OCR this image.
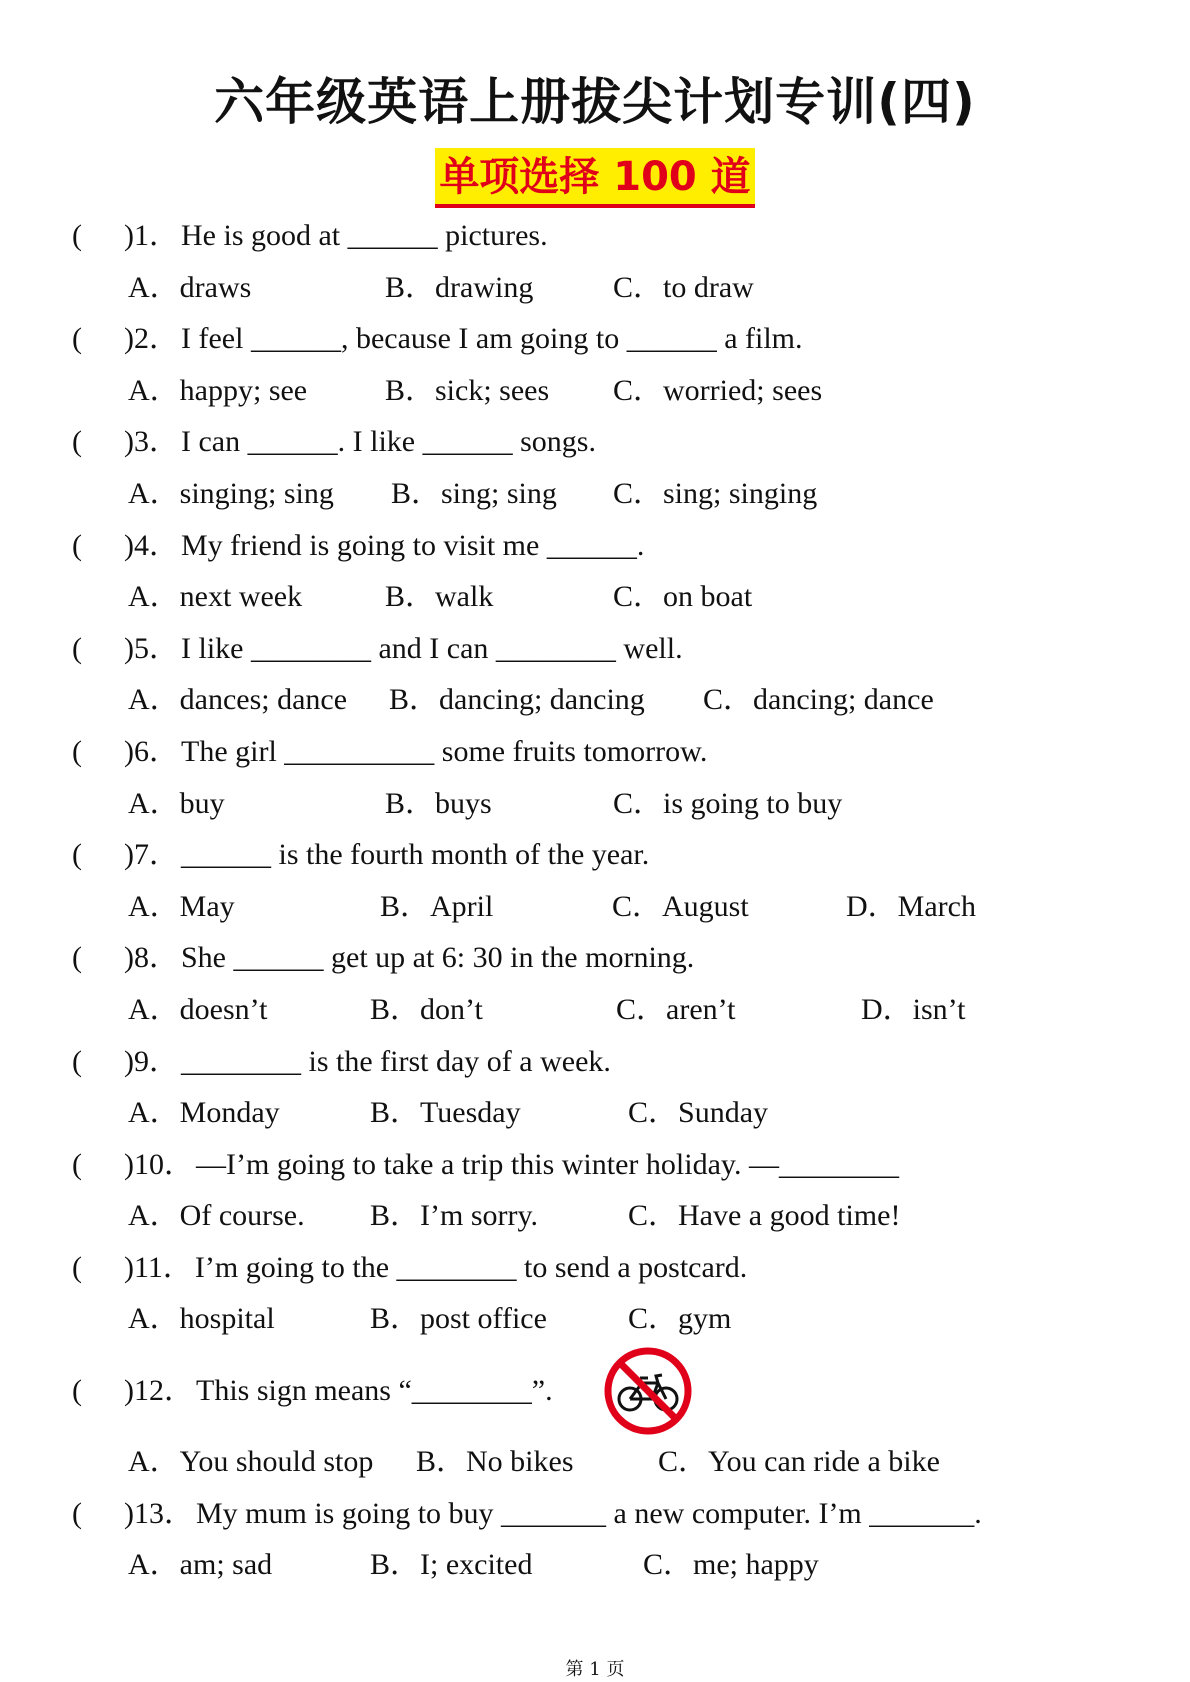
六年级英语上册拔尖计划专训(四)
单项选择 100 道
( )1． He is good at ______ pictures.
A．draws	B．drawing	C．to draw
( )2． I feel ______, because I am going to ______ a film.
A．happy; see	B．sick; sees C．worried; sees
( )3． I can ______. I like ______ songs.
A．singing; sing B．sing; sing C．sing; singing
( )4． My friend is going to visit me ______.
A．next week	B．walk	C．on boat
( )5． I like ________ and I can ________ well.
A．dances; dance B．dancing; dancing C．dancing; dance
( )6． The girl __________ some fruits tomorrow.
A．buy	B．buys	C．is going to buy
( )7． ______ is the fourth month of the year.
A．May	B．April	C．August	D．March
( )8． She ______ get up at 6: 30 in the morning.
A．doesn’t	B．don’t	C．aren’t	D．isn’t
( )9． ________ is the first day of a week.
A．Monday	B．Tuesday	C．Sunday
( )10． —I’m going to take a trip this winter holiday. —________
A．Of course. B．I’m sorry.	C．Have a good time!
( )11． I’m going to the ________ to send a postcard.
A．hospital	B．post office	C．gym
( )12． This sign means “________”.
A．You should stop B．No bikes	C．You can ride a bike
( )13． My mum is going to buy _______ a new computer. I’m _______.
A．am; sad	B．I; excited	C．me; happy
第 1 页
